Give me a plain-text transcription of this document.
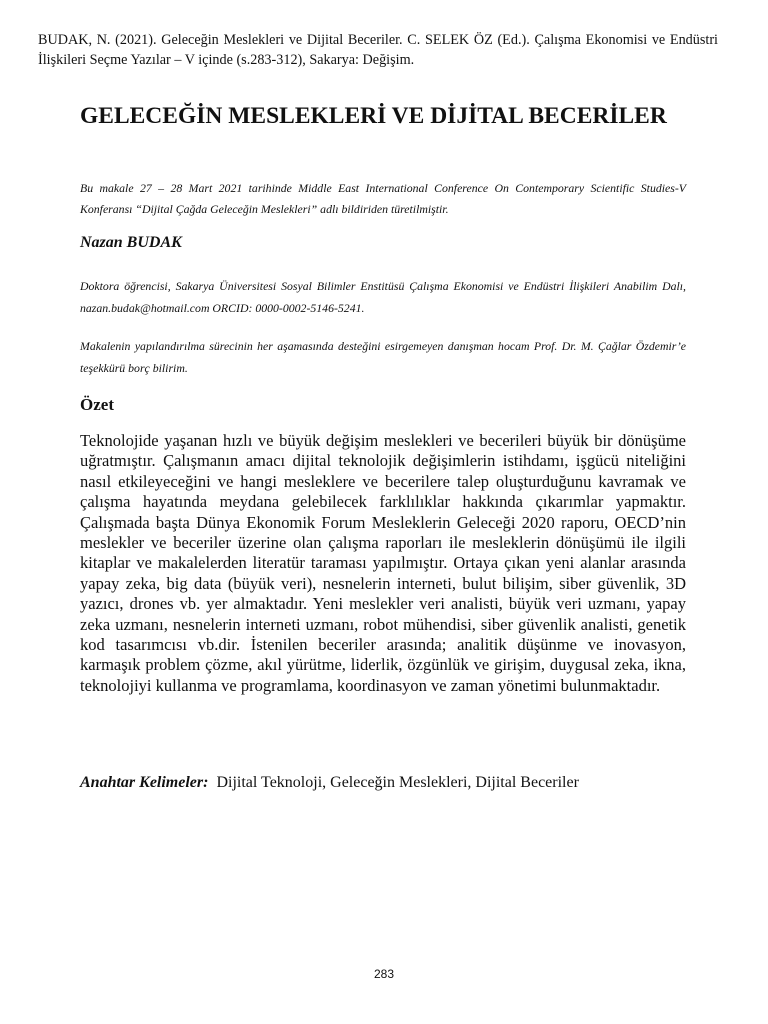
BUDAK, N. (2021). Geleceğin Meslekleri ve Dijital Beceriler. C. SELEK ÖZ (Ed.). Çalışma Ekonomisi ve Endüstri İlişkileri Seçme Yazılar – V içinde (s.283-312), Sakarya: Değişim.
GELECEĞİN MESLEKLERİ VE DİJİTAL BECERİLER
Bu makale 27 – 28 Mart 2021 tarihinde Middle East International Conference On Contemporary Scientific Studies-V Konferansı “Dijital Çağda Geleceğin Meslekleri” adlı bildiriden türetilmiştir.
Nazan BUDAK
Doktora öğrencisi, Sakarya Üniversitesi Sosyal Bilimler Enstitüsü Çalışma Ekonomisi ve Endüstri İlişkileri Anabilim Dalı, nazan.budak@hotmail.com ORCID: 0000-0002-5146-5241.
Makalenin yapılandırılma sürecinin her aşamasında desteğini esirgemeyen danışman hocam Prof. Dr. M. Çağlar Özdemir’e teşekkürü borç bilirim.
Özet

Teknolojide yaşanan hızlı ve büyük değişim meslekleri ve becerileri büyük bir dönüşüme uğratmıştır. Çalışmanın amacı dijital teknolojik değişimlerin istihdamı, işgücü niteliğini nasıl etkileyeceğini ve hangi mesleklere ve becerilere talep oluşturduğunu kavramak ve çalışma hayatında meydana gelebilecek farklılıklar hakkında çıkarımlar yapmaktır. Çalışmada başta Dünya Ekonomik Forum Mesleklerin Geleceği 2020 raporu, OECD’nin meslekler ve beceriler üzerine olan çalışma raporları ile mesleklerin dönüşümü ile ilgili kitaplar ve makalelerden literatür taraması yapılmıştır. Ortaya çıkan yeni alanlar arasında yapay zeka, big data (büyük veri), nesnelerin interneti, bulut bilişim, siber güvenlik, 3D yazıcı, drones vb. yer almaktadır. Yeni meslekler veri analisti, büyük veri uzmanı, yapay zeka uzmanı, nesnelerin interneti uzmanı, robot mühendisi, siber güvenlik analisti, genetik kod tasarımcısı vb.dir. İstenilen beceriler arasında; analitik düşünme ve inovasyon, karmaşık problem çözme, akıl yürütme, liderlik, özgünlük ve girişim, duygusal zeka, ikna, teknolojiyi kullanma ve programlama, koordinasyon ve zaman yönetimi bulunmaktadır.

Anahtar Kelimeler: Dijital Teknoloji, Geleceğin Meslekleri, Dijital Beceriler
283
